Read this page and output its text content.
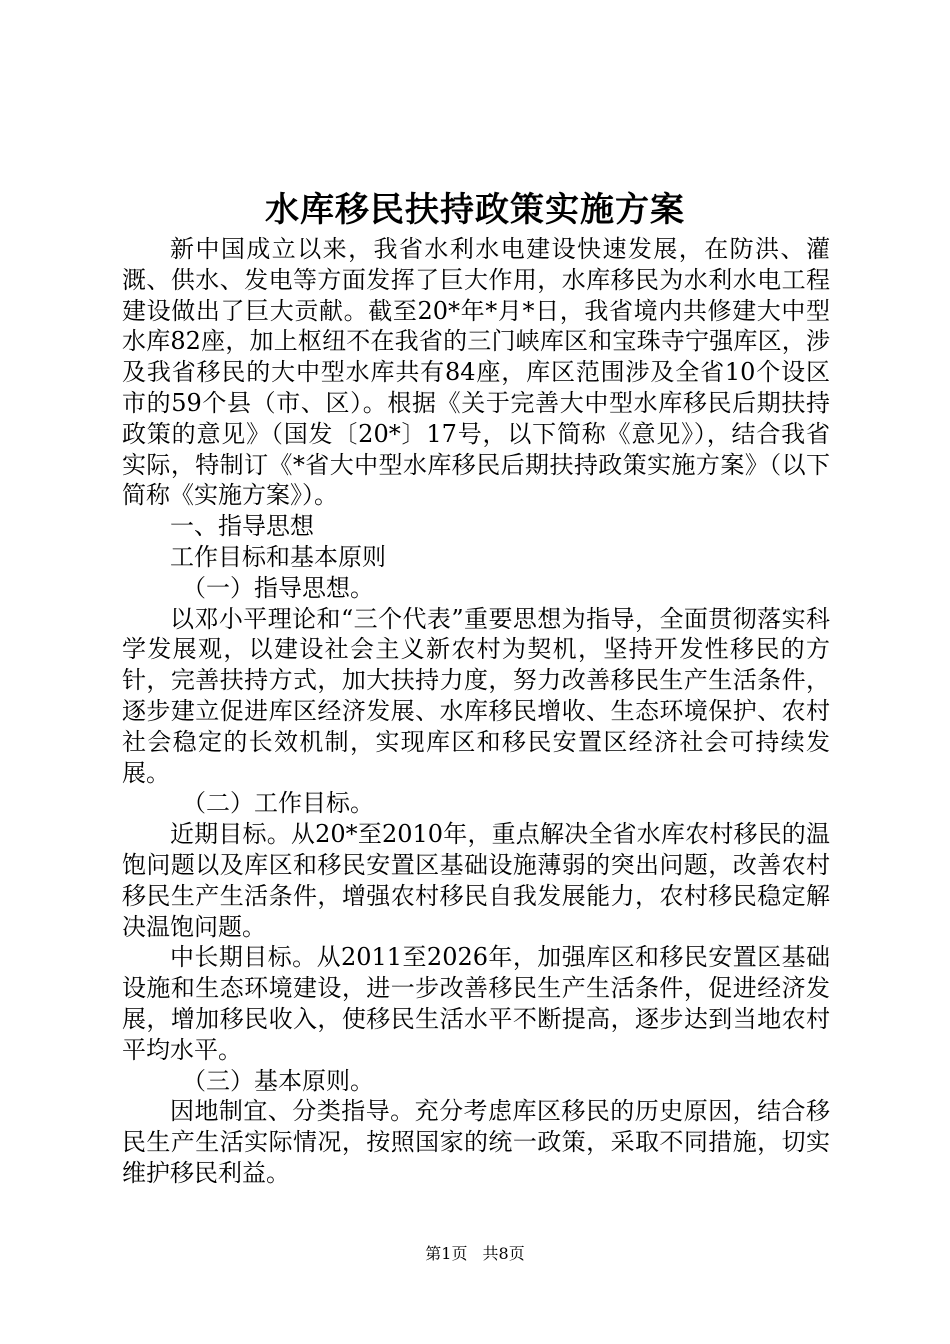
水库移民扶持政策实施方案

新中国成立以来，我省水利水电建设快速发展，在防洪、灌溉、供水、发电等方面发挥了巨大作用，水库移民为水利水电工程建设做出了巨大贡献。截至20*年*月*日，我省境内共修建大中型水库82座，加上枢纽不在我省的三门峡库区和宝珠寺宁强库区，涉及我省移民的大中型水库共有84座，库区范围涉及全省10个设区市的59个县（市、区）。根据《关于完善大中型水库移民后期扶持政策的意见》（国发〔20*〕17号，以下简称《意见》），结合我省实际，特制订《*省大中型水库移民后期扶持政策实施方案》（以下简称《实施方案》）。

一、指导思想

工作目标和基本原则

（一）指导思想。

以邓小平理论和“三个代表”重要思想为指导，全面贯彻落实科学发展观，以建设社会主义新农村为契机，坚持开发性移民的方针，完善扶持方式，加大扶持力度，努力改善移民生产生活条件，逐步建立促进库区经济发展、水库移民增收、生态环境保护、农村社会稳定的长效机制，实现库区和移民安置区经济社会可持续发展。

（二）工作目标。

近期目标。从20*至2010年，重点解决全省水库农村移民的温饱问题以及库区和移民安置区基础设施薄弱的突出问题，改善农村移民生产生活条件，增强农村移民自我发展能力，农村移民稳定解决温饱问题。

中长期目标。从2011至2026年，加强库区和移民安置区基础设施和生态环境建设，进一步改善移民生产生活条件，促进经济发展，增加移民收入，使移民生活水平不断提高，逐步达到当地农村平均水平。

（三）基本原则。

因地制宜、分类指导。充分考虑库区移民的历史原因，结合移民生产生活实际情况，按照国家的统一政策，采取不同措施，切实维护移民利益。

第1页 共8页
